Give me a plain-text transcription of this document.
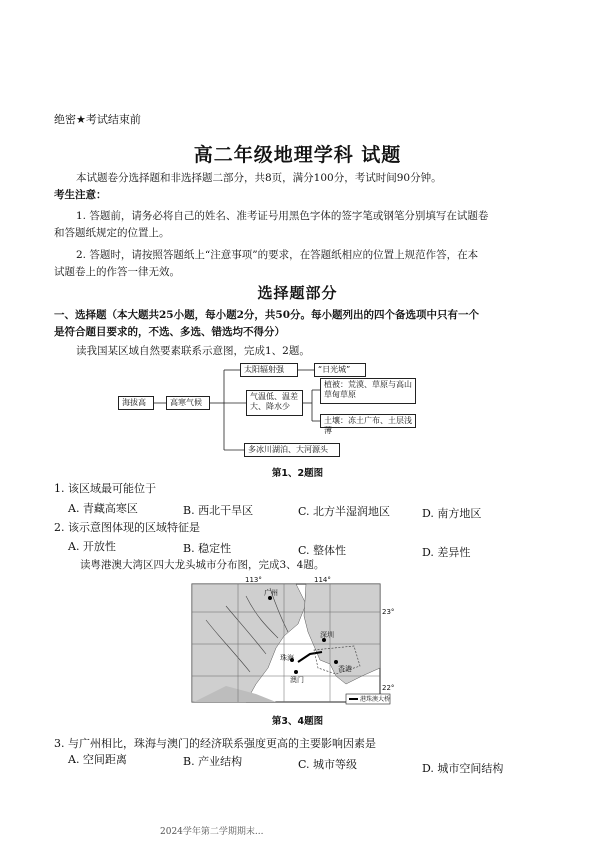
绝密★考试结束前
高二年级地理学科 试题
本试题卷分选择题和非选择题二部分，共8页，满分100分，考试时间90分钟。
考生注意：
1. 答题前，请务必将自己的姓名、准考证号用黑色字体的签字笔或钢笔分别填写在试题卷
和答题纸规定的位置上。
2. 答题时，请按照答题纸上“注意事项”的要求，在答题纸相应的位置上规范作答，在本
试题卷上的作答一律无效。
选择题部分
一、选择题（本大题共25小题，每小题2分，共50分。每小题列出的四个备选项中只有一个
是符合题目要求的，不选、多选、错选均不得分）
读我国某区域自然要素联系示意图，完成1、2题。
海拔高	高寒气候
太阳辐射强	“日光城”
气温低、温差
大、降水少
植被：荒漠、草原与高山
草甸草原
土壤：冻土广布、土层浅薄
多冰川湖泊、大河源头
第1、2题图
1. 该区域最可能位于
A. 青藏高寒区	B. 西北干旱区	C. 北方半湿润地区	D. 南方地区
2. 该示意图体现的区域特征是
A. 开放性	B. 稳定性	C. 整体性	D. 差异性
读粤港澳大湾区四大龙头城市分布图，完成3、4题。
113°	114°
23°
22°
广州
深圳
珠海
澳门
香港
港珠澳大桥
第3、4题图
3. 与广州相比，珠海与澳门的经济联系强度更高的主要影响因素是
A. 空间距离	B. 产业结构	C. 城市等级	D. 城市空间结构
2024学年第二学期期末...
